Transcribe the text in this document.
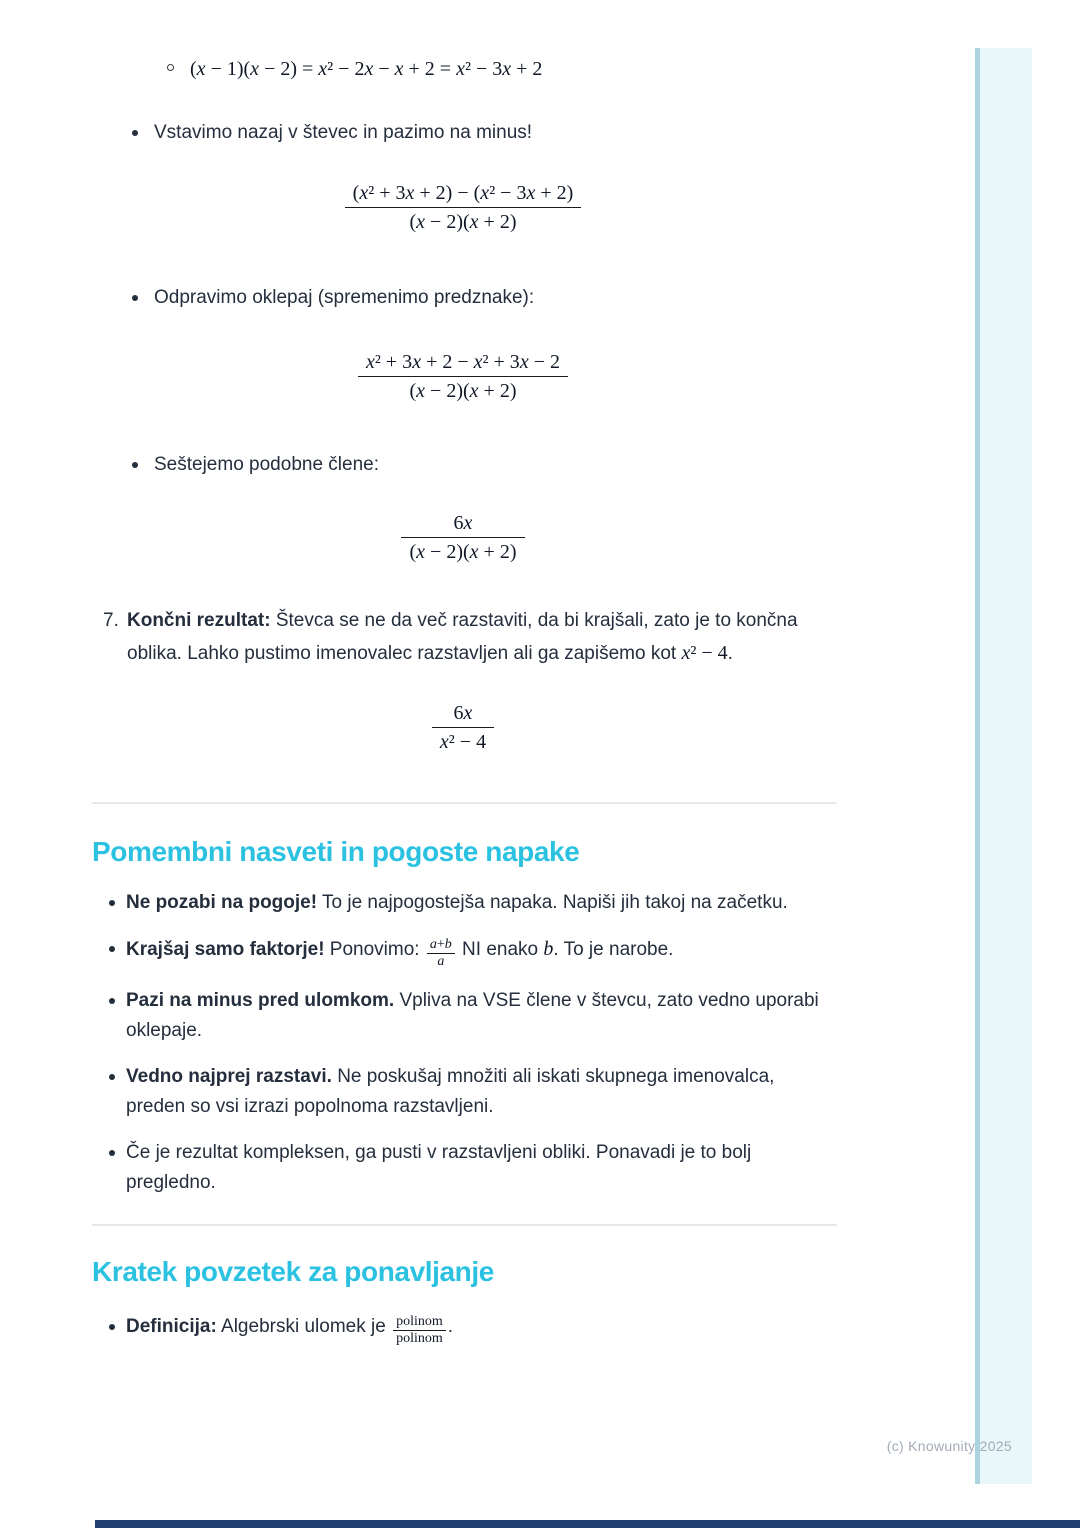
(x − 1)(x − 2) = x² − 2x − x + 2 = x² − 3x + 2
Vstavimo nazaj v števec in pazimo na minus!
$\frac{\text{(x² + 3x + 2) − (x² − 3x + 2)}}{(x - 2)(x + 2)}$
Odpravimo oklepaj (spremenimo predznake):
$\frac{\text{x² + 3x + 2 − x² + 3x − 2}}{(x - 2)(x + 2)}$
Seštejemo podobne člene:
$\frac{6x}{(x - 2)(x + 2)}$
7. Končni rezultat: Števca se ne da več razstaviti, da bi krajšali, zato je to končna oblika. Lahko pustimo imenovalec razstavljen ali ga zapišemo kot x² − 4.
$\frac{6x}{\text{x² − 4}}$
Pomembni nasveti in pogoste napake
Ne pozabi na pogoje! To je najpogostejša napaka. Napiši jih takoj na začetku.
Krajšaj samo faktorje! Ponovimo: $\frac{a+b}{a}$ NI enako b. To je narobe.
Pazi na minus pred ulomkom. Vpliva na VSE člene v števcu, zato vedno uporabi oklepaje.
Vedno najprej razstavi. Ne poskušaj množiti ali iskati skupnega imenovalca, preden so vsi izrazi popolnoma razstavljeni.
Če je rezultat kompleksen, ga pusti v razstavljeni obliki. Ponavadi je to bolj pregledno.
Kratek povzetek za ponavljanje
Definicija: Algebrski ulomek je $\frac{\text{polinom}}{\text{polinom}}$ .
(c) Knowunity 2025
